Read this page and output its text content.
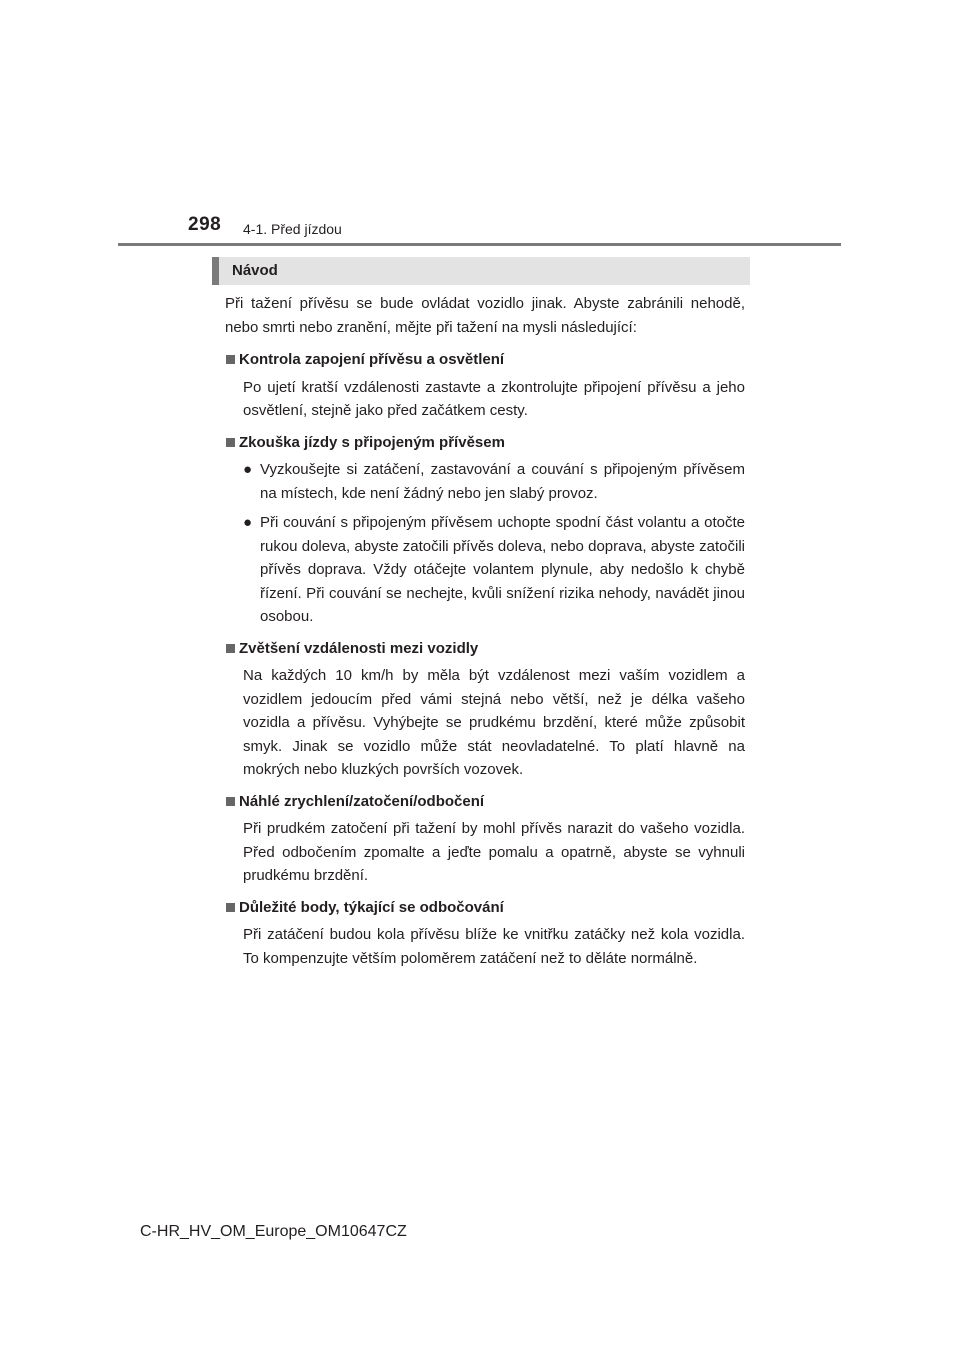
298 4-1. Před jízdou
Návod

Při tažení přívěsu se bude ovládat vozidlo jinak. Abyste zabránili nehodě, nebo smrti nebo zranění, mějte při tažení na mysli následující:

Kontrola zapojení přívěsu a osvětlení
Po ujetí kratší vzdálenosti zastavte a zkontrolujte připojení přívěsu a jeho osvětlení, stejně jako před začátkem cesty.
Zkouška jízdy s připojeným přívěsem
● Vyzkoušejte si zatáčení, zastavování a couvání s připojeným přívěsem na místech, kde není žádný nebo jen slabý provoz.
● Při couvání s připojeným přívěsem uchopte spodní část volantu a otočte rukou doleva, abyste zatočili přívěs doleva, nebo doprava, abyste zatočili přívěs doprava. Vždy otáčejte volantem plynule, aby nedošlo k chybě řízení. Při couvání se nechejte, kvůli snížení rizika nehody, navádět jinou osobou.
Zvětšení vzdálenosti mezi vozidly
Na každých 10 km/h by měla být vzdálenost mezi vaším vozidlem a vozidlem jedoucím před vámi stejná nebo větší, než je délka vašeho vozidla a přívěsu. Vyhýbejte se prudkému brzdění, které může způsobit smyk. Jinak se vozidlo může stát neovladatelné. To platí hlavně na mokrých nebo kluzkých površích vozovek.
Náhlé zrychlení/zatočení/odbočení
Při prudkém zatočení při tažení by mohl přívěs narazit do vašeho vozidla. Před odbočením zpomalte a jeďte pomalu a opatrně, abyste se vyhnuli prudkému brzdění.
Důležité body, týkající se odbočování
Při zatáčení budou kola přívěsu blíže ke vnitřku zatáčky než kola vozidla. To kompenzujte větším poloměrem zatáčení než to děláte normálně.
C-HR_HV_OM_Europe_OM10647CZ
